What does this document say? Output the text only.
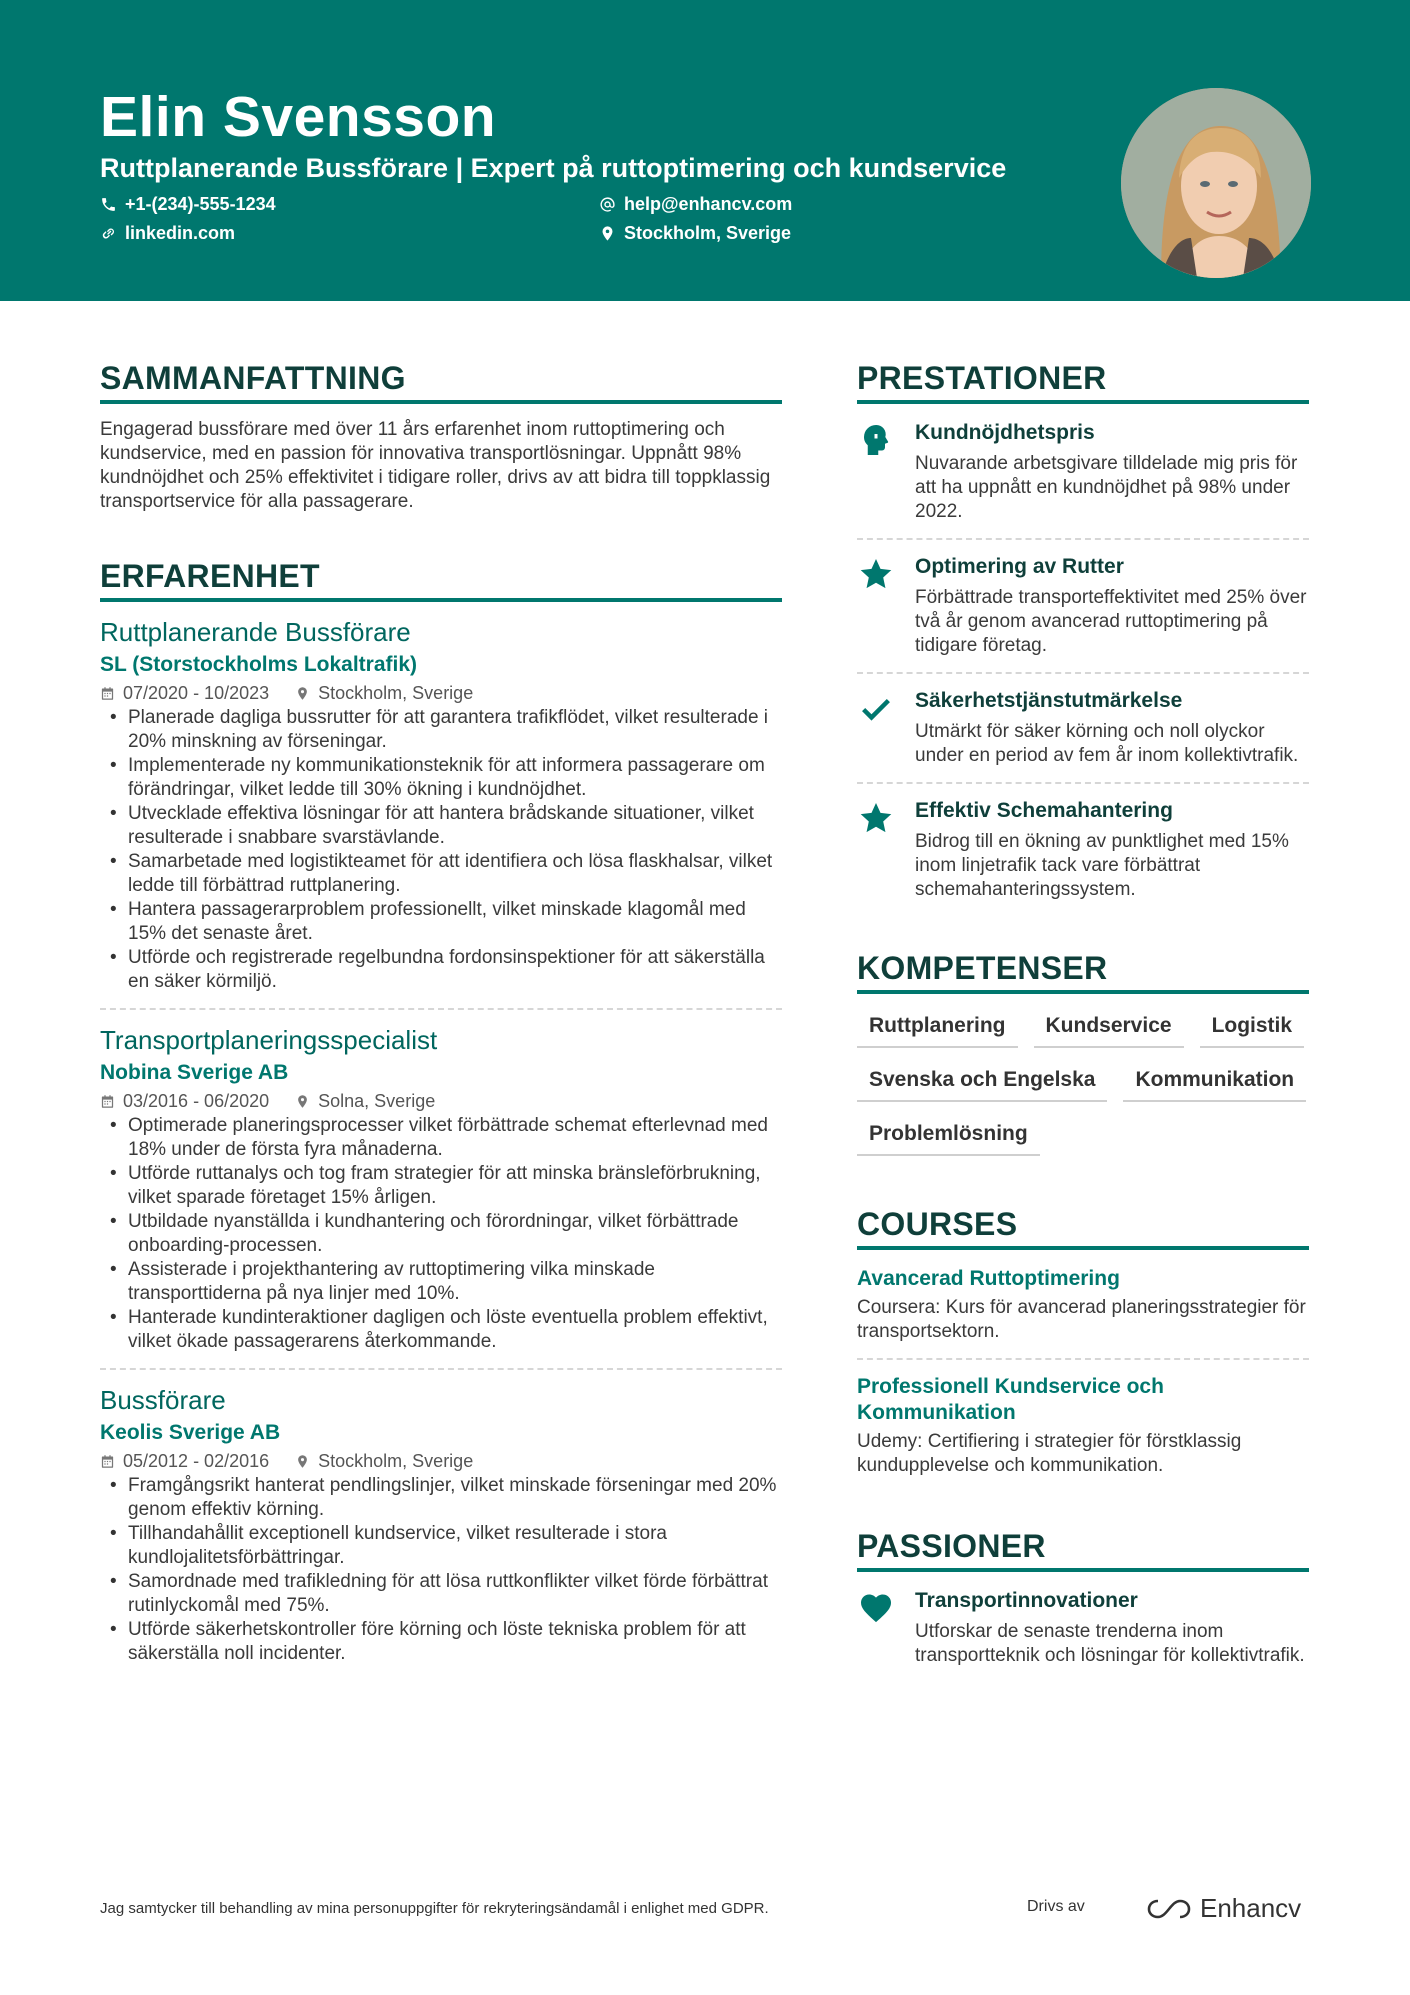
Elin Svensson
Ruttplanerande Bussförare | Expert på ruttoptimering och kundservice
+1-(234)-555-1234	help@enhancv.com
linkedin.com	Stockholm, Sverige
SAMMANFATTNING

Engagerad bussförare med över 11 års erfarenhet inom ruttoptimering och kundservice, med en passion för innovativa transportlösningar. Uppnått 98% kundnöjdhet och 25% effektivitet i tidigare roller, drivs av att bidra till toppklassig transportservice för alla passagerare.

ERFARENHET
Ruttplanerande Bussförare
SL (Storstockholms Lokaltrafik)
07/2020 - 10/2023	Stockholm, Sverige
• Planerade dagliga bussrutter för att garantera trafikflödet, vilket resulterade i 20% minskning av förseningar.
• Implementerade ny kommunikationsteknik för att informera passagerare om förändringar, vilket ledde till 30% ökning i kundnöjdhet.
• Utvecklade effektiva lösningar för att hantera brådskande situationer, vilket resulterade i snabbare svarstävlande.
• Samarbetade med logistikteamet för att identifiera och lösa flaskhalsar, vilket ledde till förbättrad ruttplanering.
• Hantera passagerarproblem professionellt, vilket minskade klagomål med 15% det senaste året.
• Utförde och registrerade regelbundna fordonsinspektioner för att säkerställa en säker körmiljö.
Transportplaneringsspecialist
Nobina Sverige AB
03/2016 - 06/2020	Solna, Sverige
• Optimerade planeringsprocesser vilket förbättrade schemat efterlevnad med 18% under de första fyra månaderna.
• Utförde ruttanalys och tog fram strategier för att minska bränsleförbrukning, vilket sparade företaget 15% årligen.
• Utbildade nyanställda i kundhantering och förordningar, vilket förbättrade onboarding-processen.
• Assisterade i projekthantering av ruttoptimering vilka minskade transporttiderna på nya linjer med 10%.
• Hanterade kundinteraktioner dagligen och löste eventuella problem effektivt, vilket ökade passagerarens återkommande.
Bussförare
Keolis Sverige AB
05/2012 - 02/2016	Stockholm, Sverige
• Framgångsrikt hanterat pendlingslinjer, vilket minskade förseningar med 20% genom effektiv körning.
• Tillhandahållit exceptionell kundservice, vilket resulterade i stora kundlojalitetsförbättringar.
• Samordnade med trafikledning för att lösa ruttkonflikter vilket förde förbättrat rutinlyckomål med 75%.
• Utförde säkerhetskontroller före körning och löste tekniska problem för att säkerställa noll incidenter.
PRESTATIONER
Kundnöjdhetspris
Nuvarande arbetsgivare tilldelade mig pris för att ha uppnått en kundnöjdhet på 98% under 2022.
Optimering av Rutter
Förbättrade transporteffektivitet med 25% över två år genom avancerad ruttoptimering på tidigare företag.
Säkerhetstjänstutmärkelse
Utmärkt för säker körning och noll olyckor under en period av fem år inom kollektivtrafik.
Effektiv Schemahantering
Bidrog till en ökning av punktlighet med 15% inom linjetrafik tack vare förbättrat schemahanteringssystem.
KOMPETENSER
Ruttplanering	Kundservice	Logistik
Svenska och Engelska	Kommunikation
Problemlösning
COURSES
Avancerad Ruttoptimering
Coursera: Kurs för avancerad planeringsstrategier för transportsektorn.
Professionell Kundservice och Kommunikation
Udemy: Certifiering i strategier för förstklassig kundupplevelse och kommunikation.
PASSIONER
Transportinnovationer
Utforskar de senaste trenderna inom transportteknik och lösningar för kollektivtrafik.
Jag samtycker till behandling av mina personuppgifter för rekryteringsändamål i enlighet med GDPR.	Drivs av	Enhancv
